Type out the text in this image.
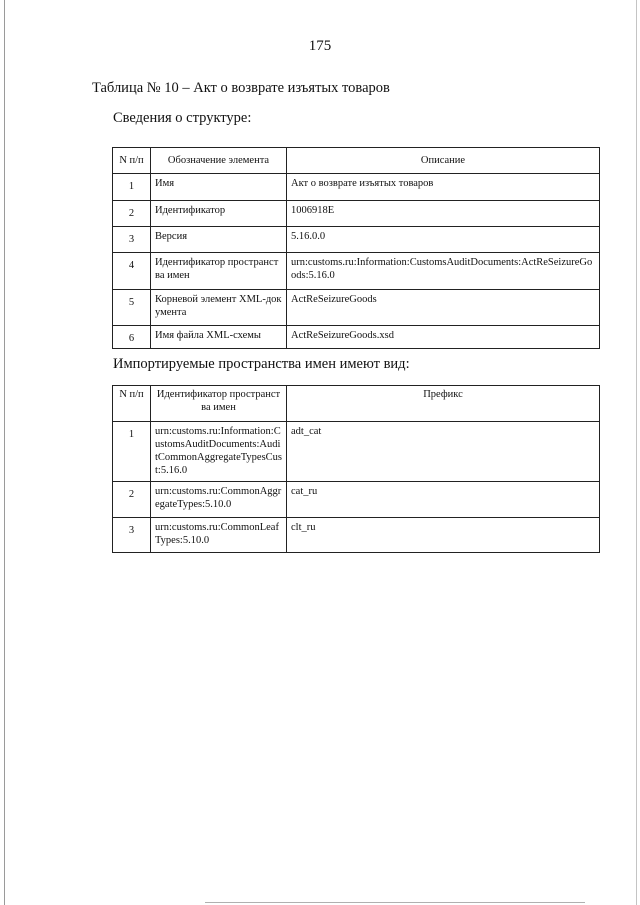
175
Таблица № 10 – Акт о возврате изъятых товаров
Сведения о структуре:
N п/п	Обозначение элемента	Описание
1	Имя	Акт о возврате изъятых товаров
2	Идентификатор	1006918E
3	Версия	5.16.0.0
4	Идентификатор пространства имен	urn:customs.ru:Information:CustomsAuditDocuments:ActReSeizureGoods:5.16.0
5	Корневой элемент XML-документа	ActReSeizureGoods
6	Имя файла XML-схемы	ActReSeizureGoods.xsd
Импортируемые пространства имен имеют вид:
N п/п	Идентификатор пространства имен	Префикс
1	urn:customs.ru:Information:CustomsAuditDocuments:AuditCommonAggregateTypesCust:5.16.0	adt_cat
2	urn:customs.ru:CommonAggregateTypes:5.10.0	cat_ru
3	urn:customs.ru:CommonLeafTypes:5.10.0	clt_ru
